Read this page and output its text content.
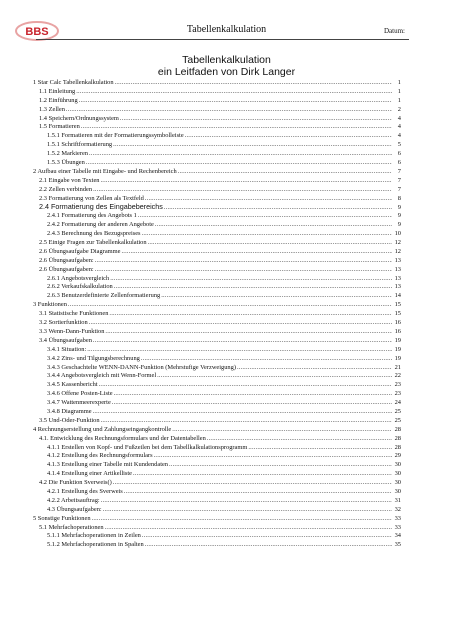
BBS	Tabellenkalkulation	Datum:
Tabellenkalkulation
ein Leitfaden von Dirk Langer
1 Star Calc Tabellenkalkulation .....	1
1.1 Einleitung .....	1
1.2 Einführung .....	1
1.3 Zellen .....	2
1.4 Speichern/Ordnungssystem .....	4
1.5 Formatieren .....	4
1.5.1 Formatieren mit der Formatierungssymbolleiste .....	4
1.5.1 Schriftformatierung .....	5
1.5.2 Markieren .....	6
1.5.3 Übungen .....	6
2 Aufbau einer Tabelle mit Eingabe- und Rechenbereich .....	7
2.1 Eingabe von Texten .....	7
2.2 Zellen verbinden .....	7
2.3 Formatierung von Zellen als Textfeld .....	8
2.4 Formatierung des Eingabebereichs .....	9
2.4.1 Formatierung des Angebots 1 .....	9
2.4.2 Formatierung der anderen Angebote .....	9
2.4.3 Berechnung des Bezugspreises .....	10
2.5 Einige Fragen zur Tabellenkalkulation .....	12
2.6 Übungsaufgabe Diagramme .....	12
2.6 Übungsaufgaben: .....	13
2.6 Übungsaufgaben: .....	13
2.6.1 Angebotsvergleich .....	13
2.6.2 Verkaufskalkulation .....	13
2.6.3 Benutzerdefinierte Zellenformatierung .....	14
3 Funktionen .....	15
3.1 Statistische Funktionen .....	15
3.2 Sortierfunktion .....	16
3.3 Wenn-Dann-Funktion .....	16
3.4 Übungsaufgaben .....	19
3.4.1 Situation: .....	19
3.4.2 Zins- und Tilgungsberechnung .....	19
3.4.3 Geschachtelte WENN-DANN-Funktion (Mehrstufige Verzweigung) .....	21
3.4.4 Angebotsvergleich mit Wenn-Formel .....	22
3.4.5 Kassenbericht .....	23
3.4.6 Offene Posten-Liste .....	23
3.4.7 Wattenmeerexperte .....	24
3.4.8 Diagramme .....	25
3.5 Und-Oder-Funktion .....	25
4 Rechnungserstellung und Zahlungseingangkontrolle .....	28
4.1. Entwicklung des Rechnungsformulars und der Datentabellen .....	28
4.1.1 Erstellen von Kopf- und Fußzeilen bei dem Tabellkalkulationsprogramm .....	28
4.1.2 Erstellung des Rechnungsformulars .....	29
4.1.3 Erstellung einer Tabelle mit Kundendaten .....	30
4.1.4 Erstellung einer Artikelliste .....	30
4.2 Die Funktion Sverweis() .....	30
4.2.1 Erstellung des Sverweis .....	30
4.2.2 Arbeitsauftrag: .....	31
4.3 Übungsaufgaben: .....	32
5 Sonstige Funktionen .....	33
5.1 Mehrfachoperationen .....	33
5.1.1 Mehrfachoperationen in Zeilen .....	34
5.1.2 Mehrfachoperationen in Spalten .....	35
